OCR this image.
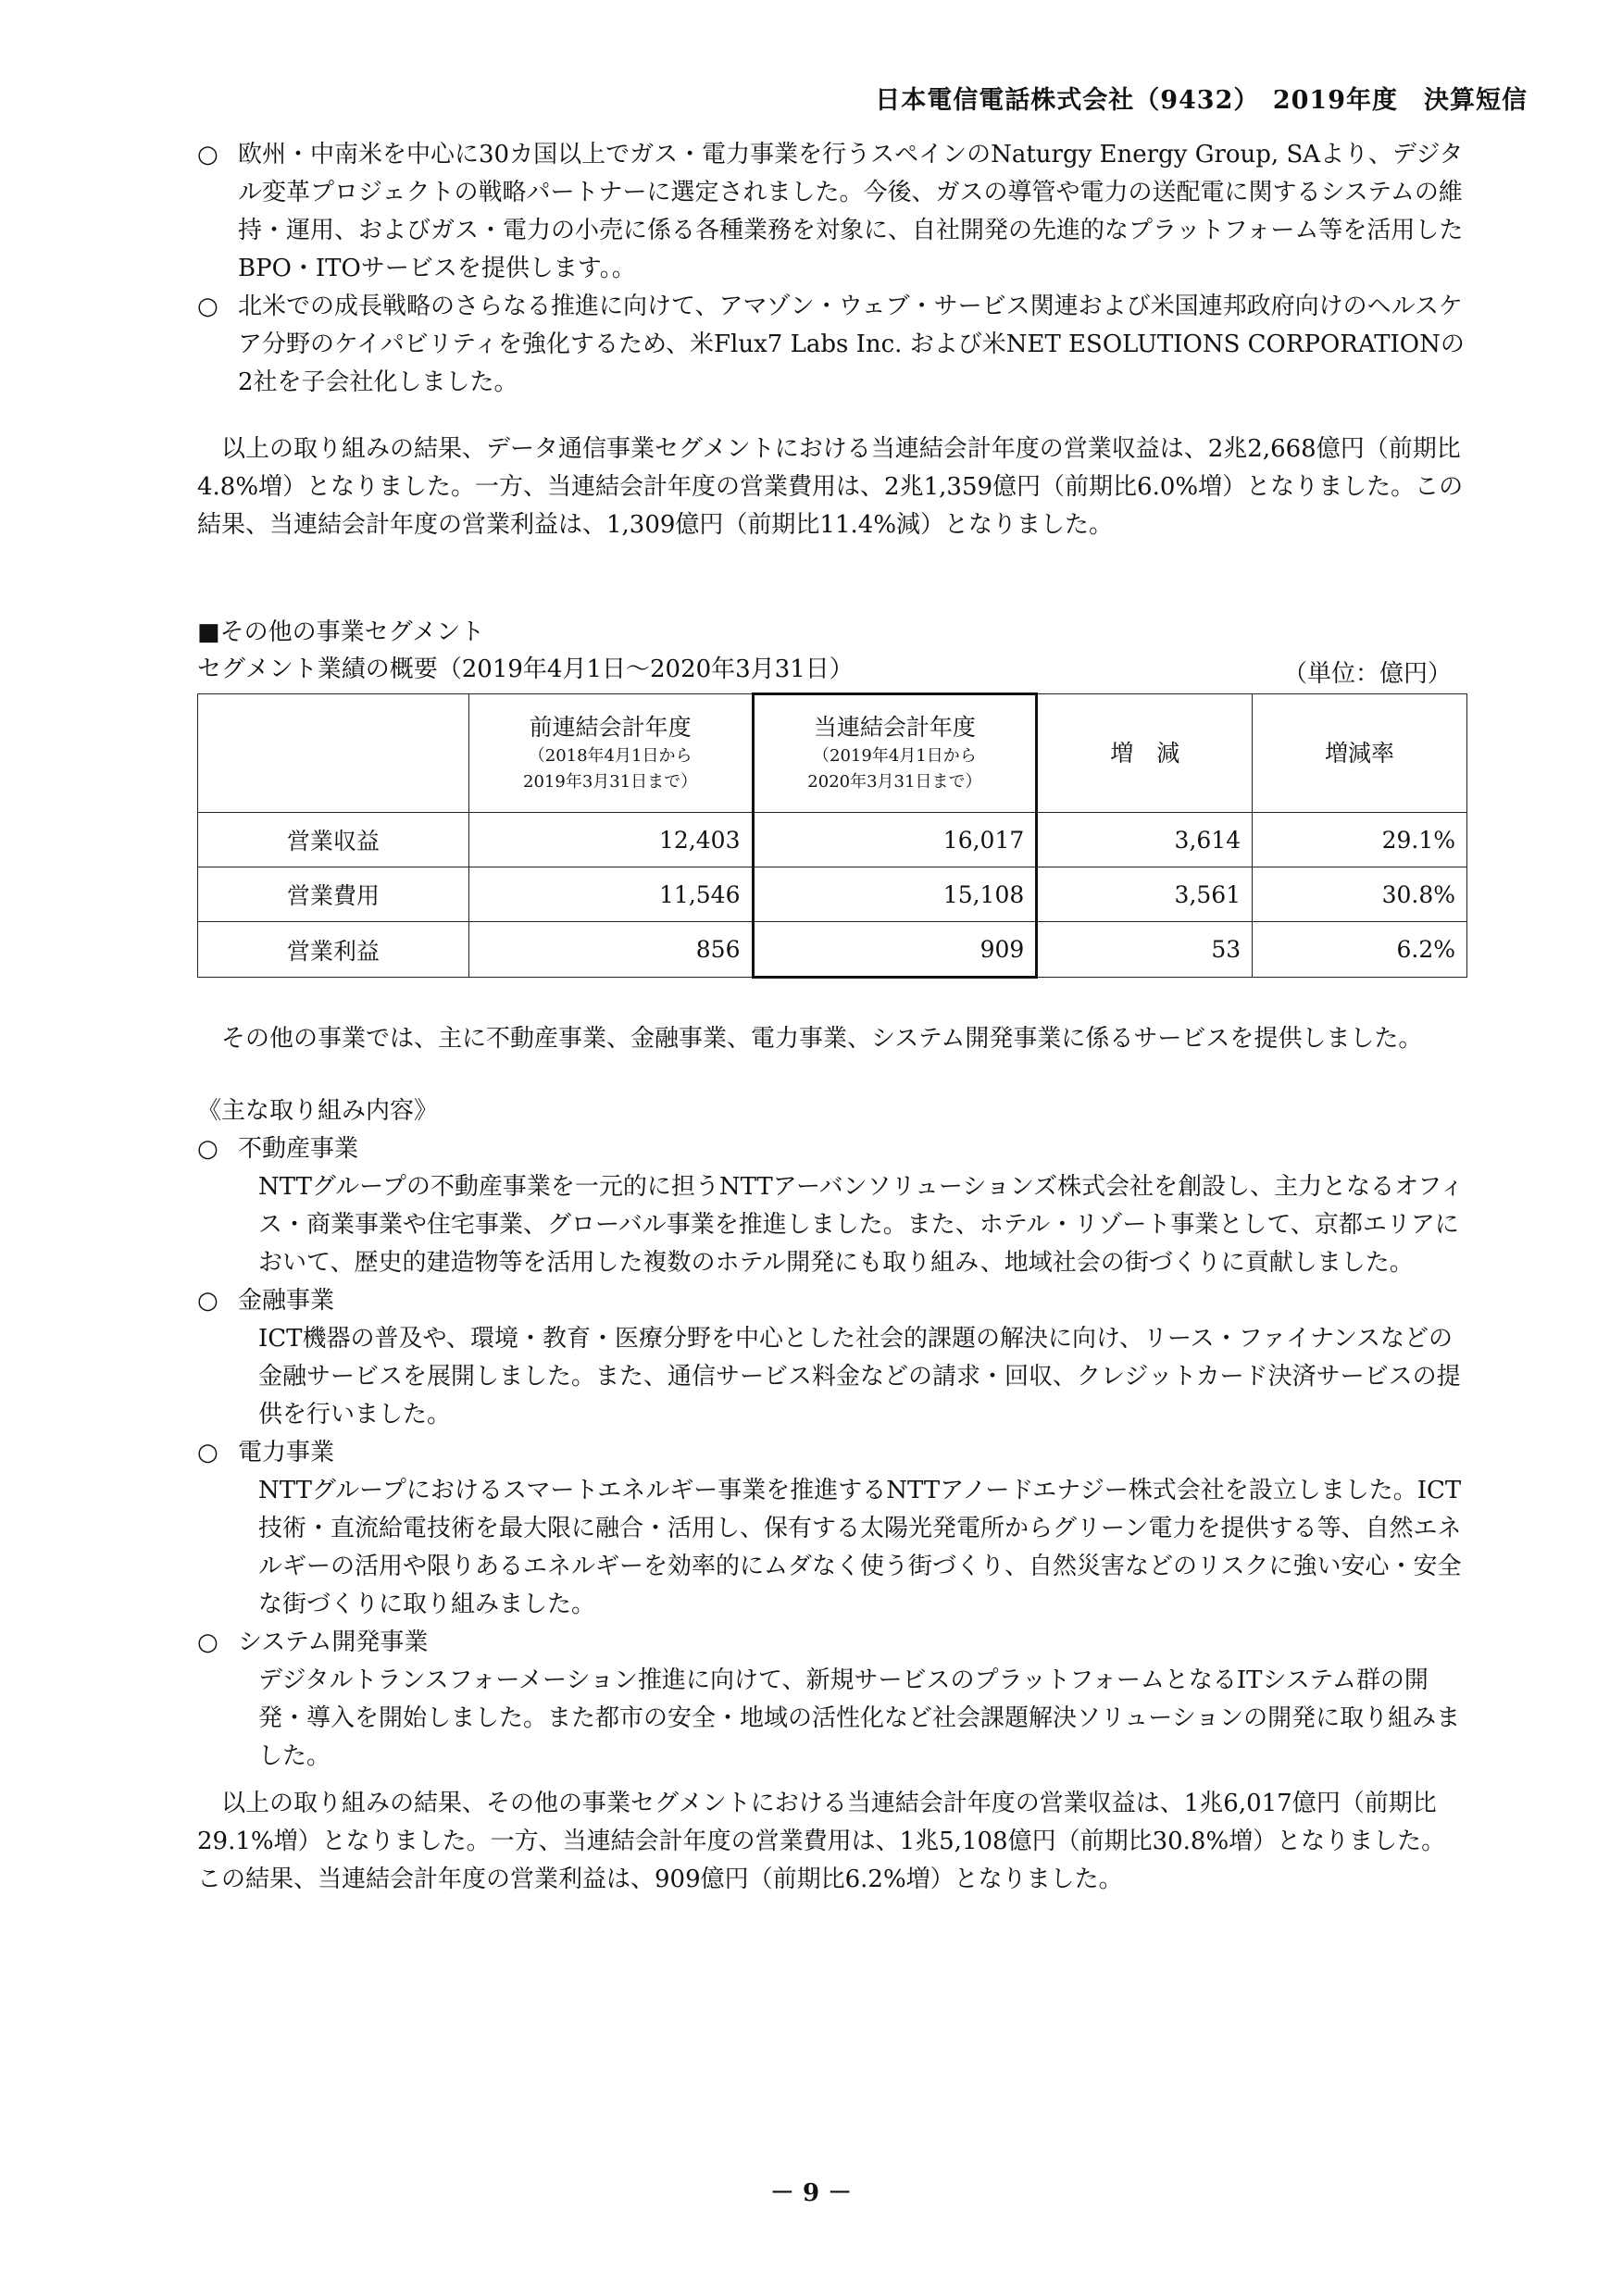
日本電信電話株式会社（9432）　2019年度　決算短信
○ 欧州・中南米を中心に30カ国以上でガス・電力事業を行うスペインのNaturgy Energy Group, SAより、デジタル変革プロジェクトの戦略パートナーに選定されました。今後、ガスの導管や電力の送配電に関するシステムの維持・運用、およびガス・電力の小売に係る各種業務を対象に、自社開発の先進的なプラットフォーム等を活用したBPO・ITOサービスを提供します。。
○ 北米での成長戦略のさらなる推進に向けて、アマゾン・ウェブ・サービス関連および米国連邦政府向けのヘルスケア分野のケイパビリティを強化するため、米Flux7 Labs Inc. および米NET ESOLUTIONS CORPORATIONの2社を子会社化しました。
以上の取り組みの結果、データ通信事業セグメントにおける当連結会計年度の営業収益は、2兆2,668億円（前期比4.8%増）となりました。一方、当連結会計年度の営業費用は、2兆1,359億円（前期比6.0%増）となりました。この結果、当連結会計年度の営業利益は、1,309億円（前期比11.4%減）となりました。
■その他の事業セグメント
セグメント業績の概要（2019年4月1日～2020年3月31日）	（単位：億円）
	前連結会計年度
（2018年4月1日から
2019年3月31日まで）	当連結会計年度
（2019年4月1日から
2020年3月31日まで）	増　減	増減率
営業収益	12,403	16,017	3,614	29.1%
営業費用	11,546	15,108	3,561	30.8%
営業利益	856	909	53	6.2%
その他の事業では、主に不動産事業、金融事業、電力事業、システム開発事業に係るサービスを提供しました。
《主な取り組み内容》
○ 不動産事業
NTTグループの不動産事業を一元的に担うNTTアーバンソリューションズ株式会社を創設し、主力となるオフィス・商業事業や住宅事業、グローバル事業を推進しました。また、ホテル・リゾート事業として、京都エリアにおいて、歴史的建造物等を活用した複数のホテル開発にも取り組み、地域社会の街づくりに貢献しました。
○ 金融事業
ICT機器の普及や、環境・教育・医療分野を中心とした社会的課題の解決に向け、リース・ファイナンスなどの金融サービスを展開しました。また、通信サービス料金などの請求・回収、クレジットカード決済サービスの提供を行いました。
○ 電力事業
NTTグループにおけるスマートエネルギー事業を推進するNTTアノードエナジー株式会社を設立しました。ICT技術・直流給電技術を最大限に融合・活用し、保有する太陽光発電所からグリーン電力を提供する等、自然エネルギーの活用や限りあるエネルギーを効率的にムダなく使う街づくり、自然災害などのリスクに強い安心・安全な街づくりに取り組みました。
○ システム開発事業
デジタルトランスフォーメーション推進に向けて、新規サービスのプラットフォームとなるITシステム群の開発・導入を開始しました。また都市の安全・地域の活性化など社会課題解決ソリューションの開発に取り組みました。
以上の取り組みの結果、その他の事業セグメントにおける当連結会計年度の営業収益は、1兆6,017億円（前期比29.1%増）となりました。一方、当連結会計年度の営業費用は、1兆5,108億円（前期比30.8%増）となりました。この結果、当連結会計年度の営業利益は、909億円（前期比6.2%増）となりました。
－ 9 －
